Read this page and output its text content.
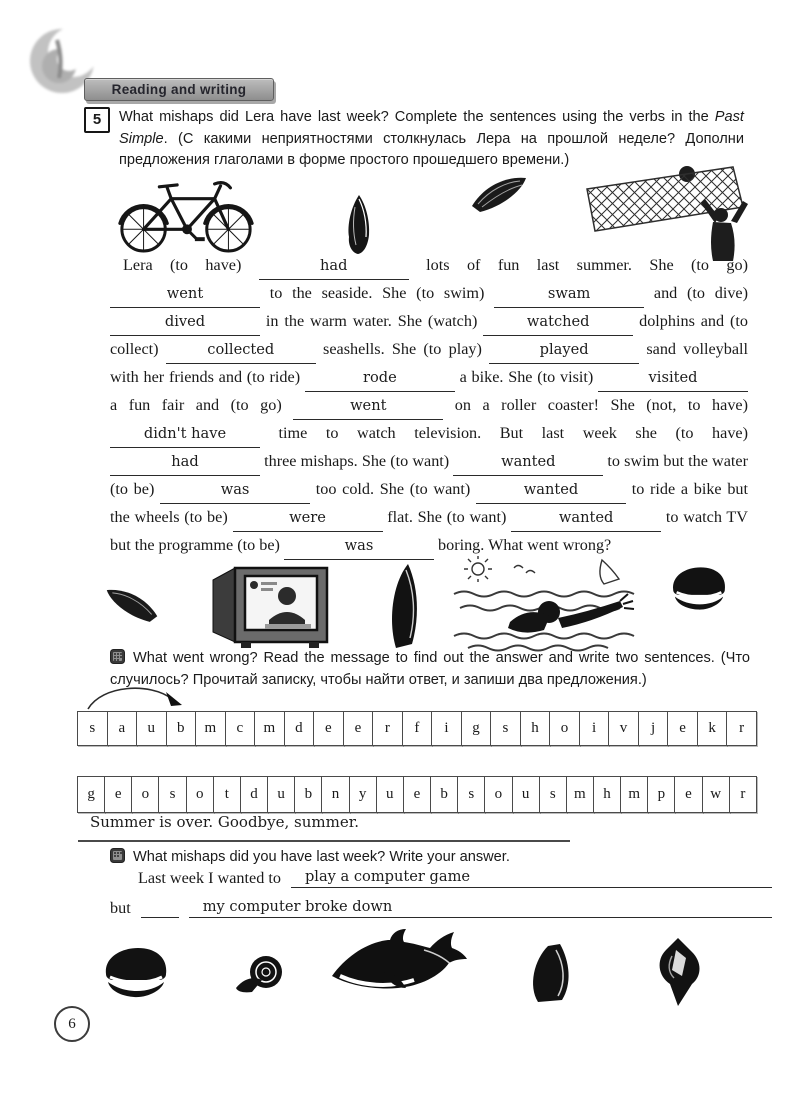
Reading and writing
5	What mishaps did Lera have last week? Complete the sentences using the verbs in the Past Simple. (С какими неприятностями столкнулась Лера на прошлой неделе? Дополни предложения глаголами в форме простого прошедшего времени.)
Lera (to have)	had	lots of fun last summer. She (to go) went	to the seaside. She (to swim)	swam	and (to dive) dived	in the warm water. She (watch)	watched	dolphins and (to collect)	collected	seashells. She (to play)	played	sand volleyball with her friends and (to ride)	rode	a bike. She (to visit)	visited a fun fair and (to go)	went	on a roller coaster! She (not, to have) didn't have time to watch television. But last week she (to have) had	three mishaps. She (to want)	wanted	to swim but the water (to be)	was	too cold. She (to want)	wanted	to ride a bike but the wheels (to be)	were	flat. She (to want)	wanted	to watch TV but the programme (to be)	was	boring. What went wrong?
What went wrong? Read the message to find out the answer and write two sentences. (Что случилось? Прочитай записку, чтобы найти ответ, и запиши два предложения.)
s	a	u	b	m	c	m	d	e	e	r	f	i	g	s	h	o	i	v	j	e	k	r
g	e	o	s	o	t	d	u	b	n	y	u	e	b	s	o	u	s	m	h	m	p	e	w	r
Summer is over. Goodbye, summer.
What mishaps did you have last week? Write your answer.
Last week I wanted to	play a computer game
but
	my computer broke down
6
